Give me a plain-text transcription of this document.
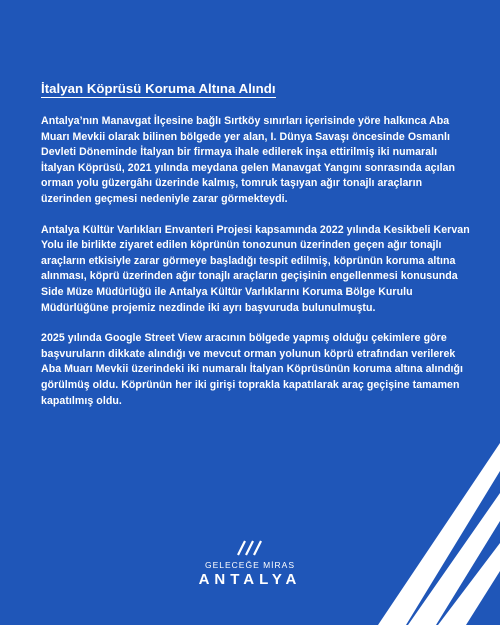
İtalyan Köprüsü Koruma Altına Alındı

Antalya’nın Manavgat İlçesine bağlı Sırtköy sınırları içerisinde yöre halkınca Aba Muarı Mevkii olarak bilinen bölgede yer alan, I. Dünya Savaşı öncesinde Osmanlı Devleti Döneminde İtalyan bir firmaya ihale edilerek inşa ettirilmiş iki numaralı İtalyan Köprüsü, 2021 yılında meydana gelen Manavgat Yangını sonrasında açılan orman yolu güzergâhı üzerinde kalmış, tomruk taşıyan ağır tonajlı araçların üzerinden geçmesi nedeniyle zarar görmekteydi.

Antalya Kültür Varlıkları Envanteri Projesi kapsamında 2022 yılında Kesikbeli Kervan Yolu ile birlikte ziyaret edilen köprünün tonozunun üzerinden geçen ağır tonajlı araçların etkisiyle zarar görmeye başladığı tespit edilmiş, köprünün koruma altına alınması, köprü üzerinden ağır tonajlı araçların geçişinin engellenmesi konusunda Side Müze Müdürlüğü ile Antalya Kültür Varlıklarını Koruma Bölge Kurulu Müdürlüğüne projemiz nezdinde iki ayrı başvuruda bulunulmuştu.

2025 yılında Google Street View aracının bölgede yapmış olduğu çekimlere göre başvuruların dikkate alındığı ve mevcut orman yolunun köprü etrafından verilerek Aba Muarı Mevkii üzerindeki iki numaralı İtalyan Köprüsünün koruma altına alındığı görülmüş oldu. Köprünün her iki girişi toprakla kapatılarak araç geçişine tamamen kapatılmış oldu.

GELECEĞE MİRAS
ANTALYA
